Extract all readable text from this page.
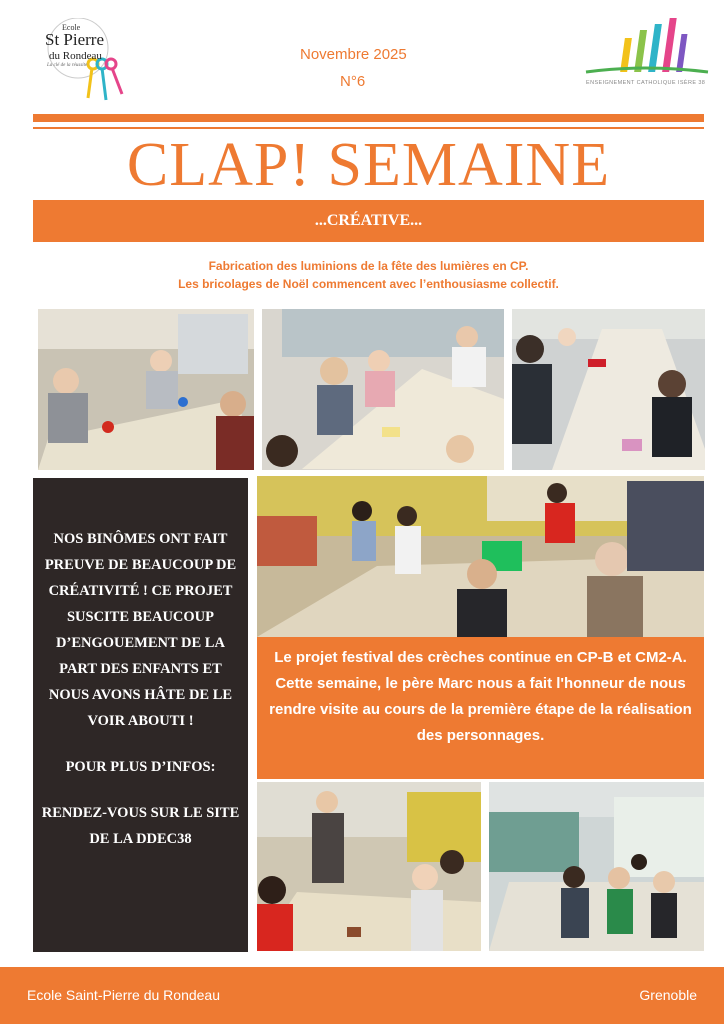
Ecole
St Pierre
du Rondeau
La clé de la réussite
Novembre 2025
N°6	ENSEIGNEMENT CATHOLIQUE ISÈRE 38
CLAP! SEMAINE
...CRÉATIVE...
Fabrication des luminions de la fête des lumières en CP.
Les bricolages de Noël commencent avec l’enthousiasme collectif.

NOS BINÔMES ONT FAIT PREUVE DE BEAUCOUP DE CRÉATIVITÉ ! CE PROJET SUSCITE BEAUCOUP D’ENGOUEMENT DE LA PART DES ENFANTS ET NOUS AVONS HÂTE DE LE VOIR ABOUTI !

POUR PLUS D’INFOS:

RENDEZ-VOUS SUR LE SITE DE LA DDEC38

Le projet festival des crèches continue en CP-B et CM2-A. Cette semaine, le père Marc nous a fait l'honneur de nous rendre visite au cours de la première étape de la réalisation des personnages.

Ecole Saint-Pierre du Rondeau	Grenoble
